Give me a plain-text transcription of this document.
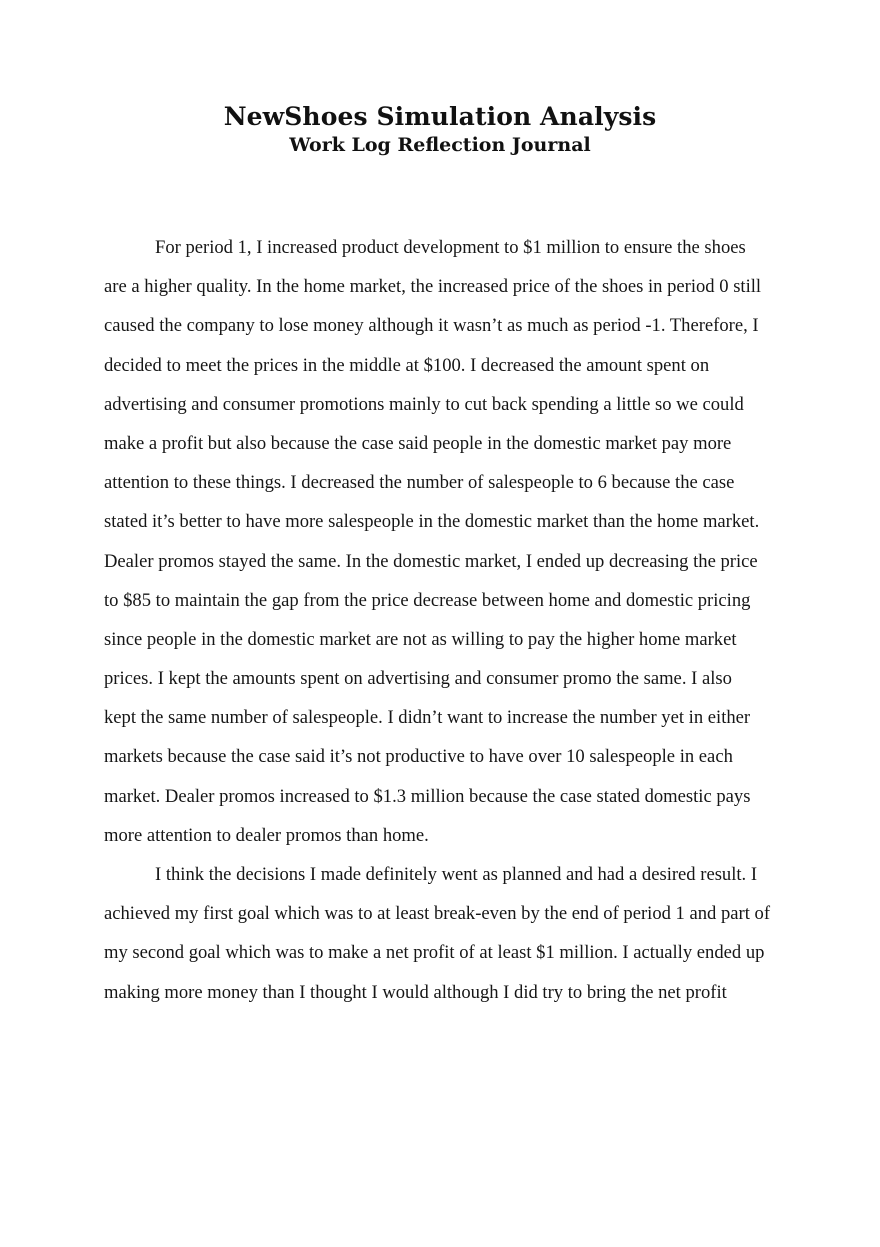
NewShoes Simulation Analysis
Work Log Reflection Journal
For period 1, I increased product development to $1 million to ensure the shoes
are a higher quality. In the home market, the increased price of the shoes in period 0 still
caused the company to lose money although it wasn’t as much as period -1. Therefore, I
decided to meet the prices in the middle at $100. I decreased the amount spent on
advertising and consumer promotions mainly to cut back spending a little so we could
make a profit but also because the case said people in the domestic market pay more
attention to these things. I decreased the number of salespeople to 6 because the case
stated it’s better to have more salespeople in the domestic market than the home market.
Dealer promos stayed the same. In the domestic market, I ended up decreasing the price
to $85 to maintain the gap from the price decrease between home and domestic pricing
since people in the domestic market are not as willing to pay the higher home market
prices. I kept the amounts spent on advertising and consumer promo the same. I also
kept the same number of salespeople. I didn’t want to increase the number yet in either
markets because the case said it’s not productive to have over 10 salespeople in each
market. Dealer promos increased to $1.3 million because the case stated domestic pays
more attention to dealer promos than home.
I think the decisions I made definitely went as planned and had a desired result. I
achieved my first goal which was to at least break-even by the end of period 1 and part of
my second goal which was to make a net profit of at least $1 million. I actually ended up
making more money than I thought I would although I did try to bring the net profit
